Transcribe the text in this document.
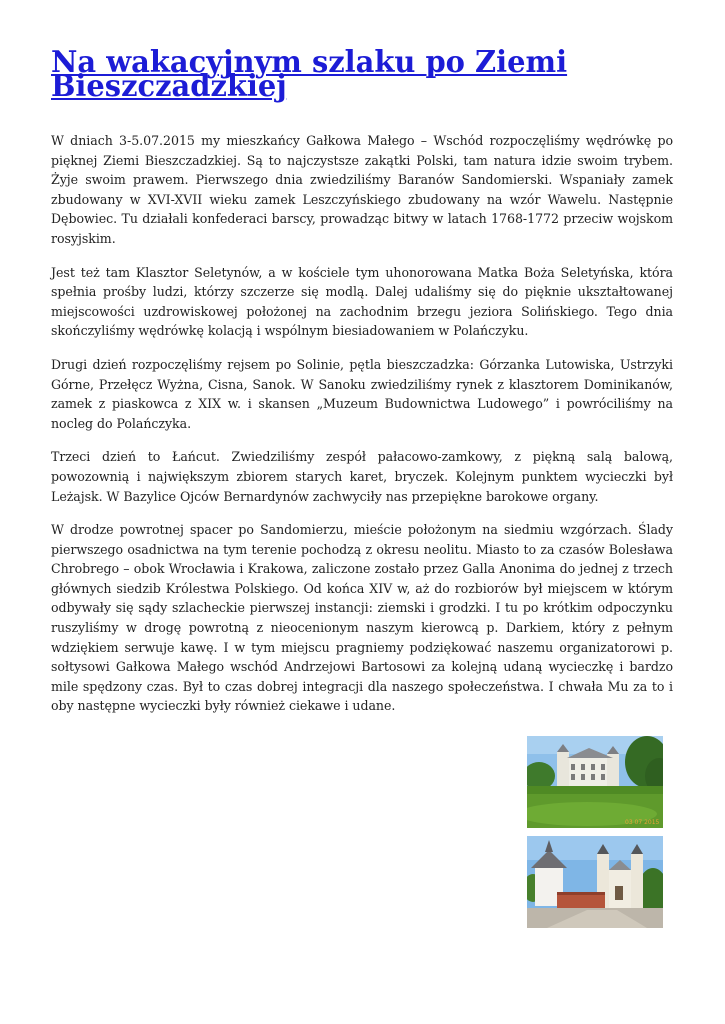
Na wakacyjnym szlaku po Ziemi Bieszczadzkiej

W dniach 3-5.07.2015 my mieszkańcy Gałkowa Małego – Wschód rozpoczęliśmy wędrówkę po pięknej Ziemi Bieszczadzkiej. Są to najczystsze zakątki Polski, tam natura idzie swoim trybem. Żyje swoim prawem. Pierwszego dnia zwiedziliśmy Baranów Sandomierski. Wspaniały zamek zbudowany w XVI-XVII wieku zamek Leszczyńskiego zbudowany na wzór Wawelu. Następnie Dębowiec. Tu działali konfederaci barscy, prowadząc bitwy w latach 1768-1772 przeciw wojskom rosyjskim.

Jest też tam Klasztor Seletynów, a w kościele tym uhonorowana Matka Boża Seletyńska, która spełnia prośby ludzi, którzy szczerze się modlą. Dalej udaliśmy się do pięknie ukształtowanej miejscowości uzdrowiskowej położonej na zachodnim brzegu jeziora Solińskiego. Tego dnia skończyliśmy wędrówkę kolacją i wspólnym biesiadowaniem w Polańczyku.

Drugi dzień rozpoczęliśmy rejsem po Solinie, pętla bieszczadzka: Górzanka Lutowiska, Ustrzyki Górne, Przełęcz Wyżna, Cisna, Sanok. W Sanoku zwiedziliśmy rynek z klasztorem Dominikanów, zamek z piaskowca z XIX w. i skansen „Muzeum Budownictwa Ludowego” i powróciliśmy na nocleg do Polańczyka.

Trzeci dzień to Łańcut. Zwiedziliśmy zespół pałacowo-zamkowy, z piękną salą balową, powozownią i największym zbiorem starych karet, bryczek. Kolejnym punktem wycieczki był Leżajsk. W Bazylice Ojców Bernardynów zachwyciły nas przepiękne barokowe organy.

W drodze powrotnej spacer po Sandomierzu, mieście położonym na siedmiu wzgórzach. Ślady pierwszego osadnictwa na tym terenie pochodzą z okresu neolitu. Miasto to za czasów Bolesława Chrobrego – obok Wrocławia i Krakowa, zaliczone zostało przez Galla Anonima do jednej z trzech głównych siedzib Królestwa Polskiego. Od końca XIV w, aż do rozbiorów był miejscem w którym odbywały się sądy szlacheckie pierwszej instancji: ziemski i grodzki. I tu po krótkim odpoczynku ruszyliśmy w drogę powrotną z nieocenionym naszym kierowcą p. Darkiem, który z pełnym wdziękiem serwuje kawę. I w tym miejscu pragniemy podziękować naszemu organizatorowi p. sołtysowi Gałkowa Małego wschód Andrzejowi Bartosowi za kolejną udaną wycieczkę i bardzo mile spędzony czas. Był to czas dobrej integracji dla naszego społeczeństwa. I chwała Mu za to i oby następne wycieczki były również ciekawe i udane.

03 07 2015
